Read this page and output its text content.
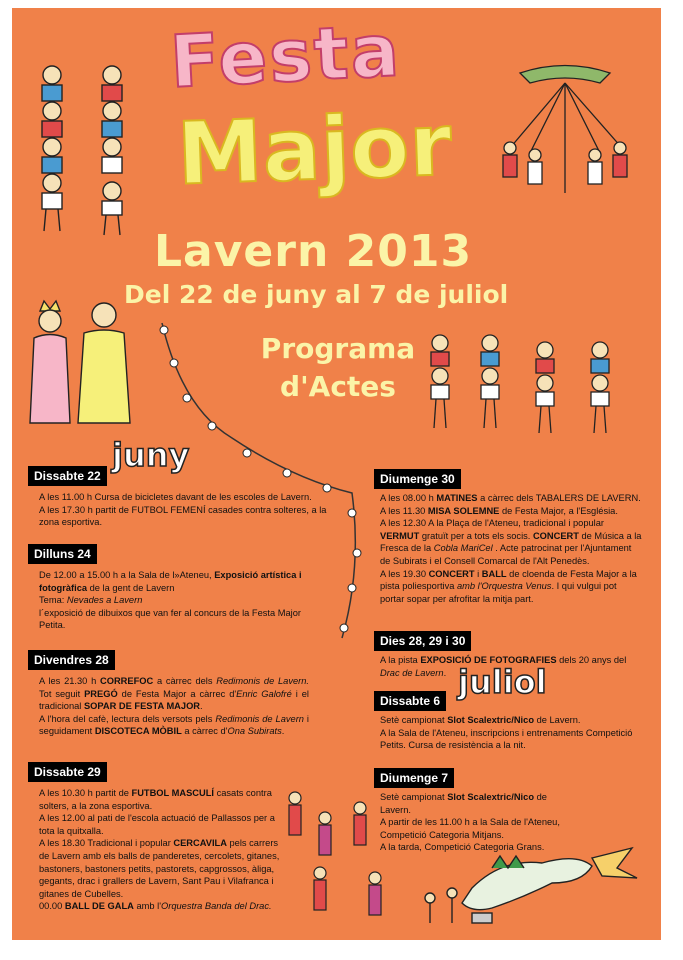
Festa
Major
Lavern 2013
Del 22 de juny al 7 de juliol
Programa
d'Actes
juny
juliol
Dissabte 22

A les 11.00 h Cursa de bicicletes davant de les escoles de Lavern.

A les 17.30 h partit de FUTBOL FEMENÍ casades contra solteres, a la zona esportiva.

Dilluns 24

De 12.00 a 15.00 h a la Sala de l»Ateneu, Exposició artística i fotogràfica de la gent de Lavern

Tema: Nevades a Lavern

l´exposició de dibuixos que van fer al concurs de la Festa Major Petita.

Divendres 28

A les 21.30 h CORREFOC a càrrec dels Redimonis de Lavern. Tot seguit PREGÓ de Festa Major a càrrec d'Enric Galofré i el tradicional SOPAR DE FESTA MAJOR.

A l'hora del cafè, lectura dels versots pels Redimonis de Lavern i seguidament DISCOTECA MÒBIL a càrrec d'Ona Subirats.

Dissabte 29

A les 10.30 h partit de FUTBOL MASCULÍ casats contra solters, a la zona esportiva.

A les 12.00 al pati de l'escola actuació de Pallassos per a tota la quitxalla.

A les 18.30 Tradicional i popular CERCAVILA pels carrers de Lavern amb els balls de panderetes, cercolets, gitanes, bastoners, bastoners petits, pastorets, capgrossos, àliga, gegants, drac i grallers de Lavern, Sant Pau i Vilafranca i gitanes de Cubelles.

00.00 BALL DE GALA amb l'Orquestra Banda del Drac.

Diumenge 30

A les 08.00 h MATINES a càrrec dels TABALERS DE LAVERN.

A les 11.30 MISA SOLEMNE de Festa Major, a l'Església.

A les 12.30 A la Plaça de l'Ateneu, tradicional i popular VERMUT gratuït per a tots els socis. CONCERT de Música a la Fresca de la Cobla MariCel . Acte patrocinat per l'Ajuntament de Subirats i el Consell Comarcal de l'Alt Penedès.

A les 19.30 CONCERT i BALL de cloenda de Festa Major a la pista poliesportiva amb l'Orquestra Venus. I qui vulgui pot portar sopar per afrofitar la mitja part.

Dies 28, 29 i 30

A la pista EXPOSICIÓ DE FOTOGRAFIES dels 20 anys del Drac de Lavern.

Dissabte 6

Setè campionat Slot Scalextric/Nico de Lavern.

A la Sala de l'Ateneu, inscripcions i entrenaments Competició Petits. Cursa de resistència a la nit.

Diumenge 7

Setè campionat Slot Scalextric/Nico de Lavern.

A partir de les 11.00 h a la Sala de l'Ateneu, Competició Categoria Mitjans.

A la tarda, Competició Categoria Grans.
